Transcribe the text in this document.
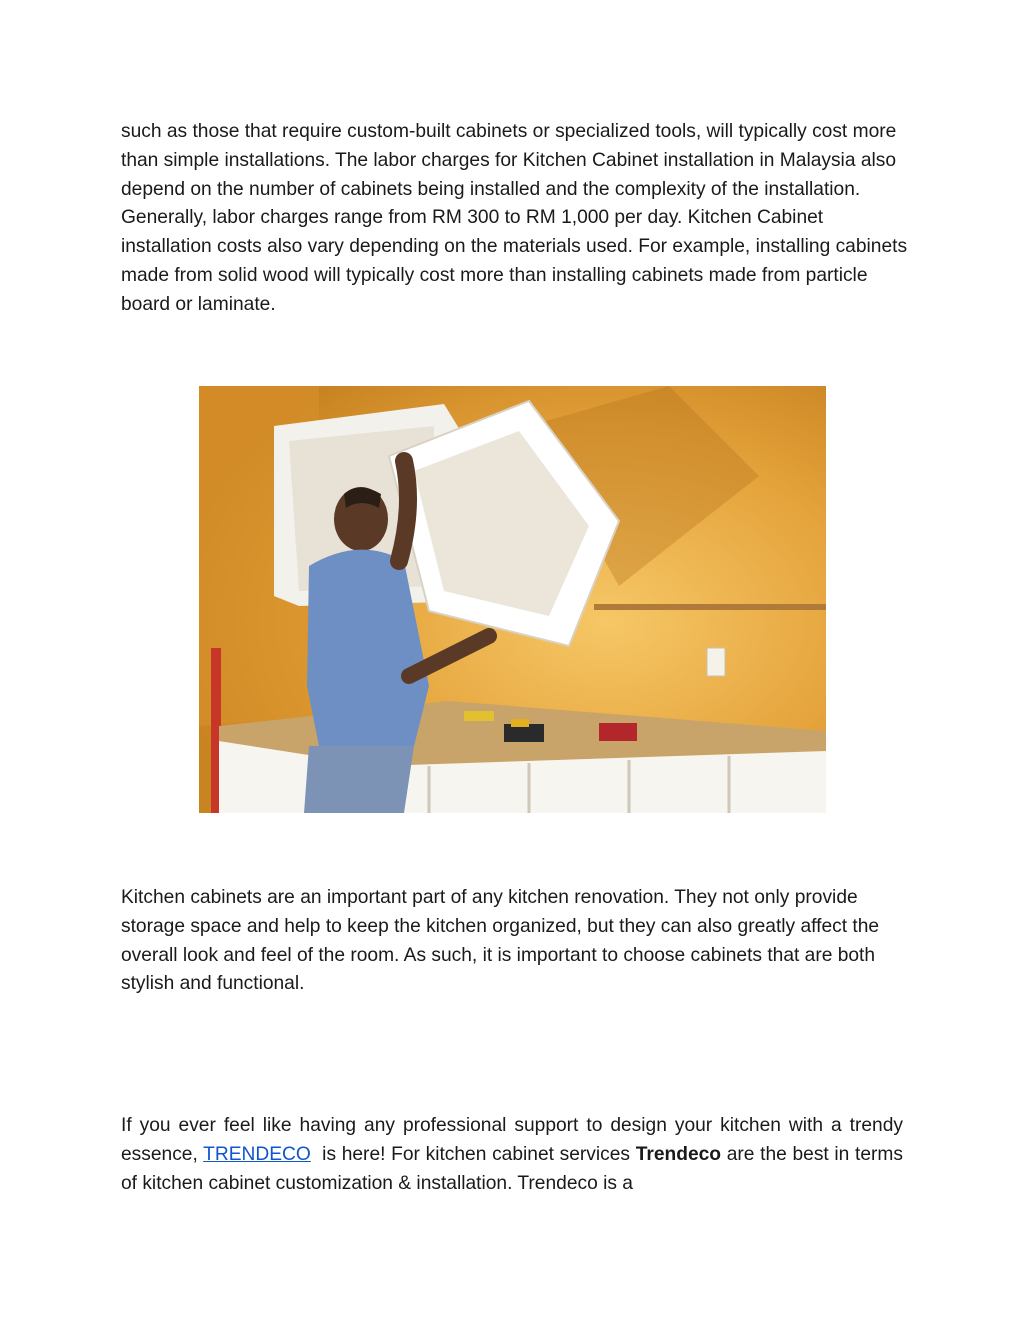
such as those that require custom-built cabinets or specialized tools, will typically cost more than simple installations. The labor charges for Kitchen Cabinet installation in Malaysia also depend on the number of cabinets being installed and the complexity of the installation. Generally, labor charges range from RM 300 to RM 1,000 per day. Kitchen Cabinet installation costs also vary depending on the materials used. For example, installing cabinets made from solid wood will typically cost more than installing cabinets made from particle board or laminate.

Kitchen cabinets are an important part of any kitchen renovation. They not only provide storage space and help to keep the kitchen organized, but they can also greatly affect the overall look and feel of the room. As such, it is important to choose cabinets that are both stylish and functional.

If you ever feel like having any professional support to design your kitchen with a trendy essence, TRENDECO  is here! For kitchen cabinet services Trendeco are the best in terms of kitchen cabinet customization & installation. Trendeco is a
